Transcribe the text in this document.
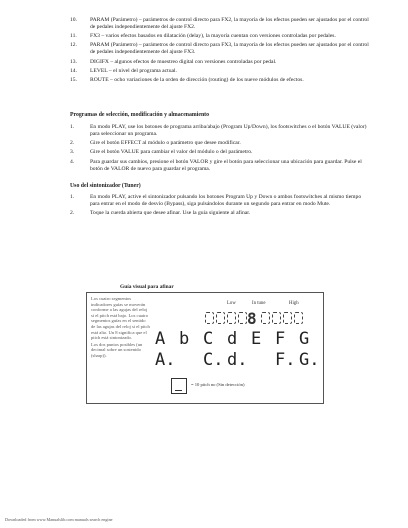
10. PARAM (Parámetro) – parámetros de control directo para FX2, la mayoría de los efectos pueden ser ajustados por el control de pedales independientemente del ajuste FX2.
11. FX3 – varios efectos basados en dilatación (delay), la mayoría cuentan con versiones controladas por pedales.
12. PARAM (Parámetro) – parámetros de control directo para FX3, la mayoría de los efectos pueden ser ajustados por el control de pedales independientemente del ajuste FX3.
13. DIGIFX – algunos efectos de muestreo digital con versiones controladas por pedal.
14. LEVEL – el nivel del programa actual.
15. ROUTE – ocho variaciones de la orden de dirección (routing) de los nueve módulos de efectos.
Programas de selección, modificación y almacenamiento
1.	En modo PLAY, use los botones de programa arriba/abajo (Program Up/Down), los footswitches o el botón VALUE (valor) para seleccionar un programa.
2.	Gire el botón EFFECT al módulo o parámetro que desee modificar.
3.	Gire el botón VALUE para cambiar el valor del módulo o del parámetro.
4.	Para guardar sus cambios, presione el botón VALOR y gire el botón para seleccionar una ubicación para guardar. Pulse el botón de VALOR de nuevo para guardar el programa.
Uso del sintonizador (Tuner)
1.	En modo PLAY, active el sintonizador pulsando los botones Program Up y Down o ambos footswitches al mismo tiempo para entrar en el modo de desvío (Bypass), siga pulsándolos durante un segundo para entrar en modo Mute.
2.	Toque la cuerda abierta que desee afinar. Use la guía siguiente al afinar.
Guía visual para afinar

Los cuatro segmentos indicadores guías se moverán conforme a las agujas del reloj si el pitch está bajo. Los cuatro segmentos guías en el sentido de las agujas del reloj si el pitch está alto. Un 8 significa que el pitch está sintonizado.

Los dos puntos posibles (un decimal sobre un sostenido (sharp)).

Low	In tune	High
8
A b C d E F G
A. C. d. F. G.
= 10 pitch no (Sin detección)
Downloaded from www.Manualslib.com manuals search engine
